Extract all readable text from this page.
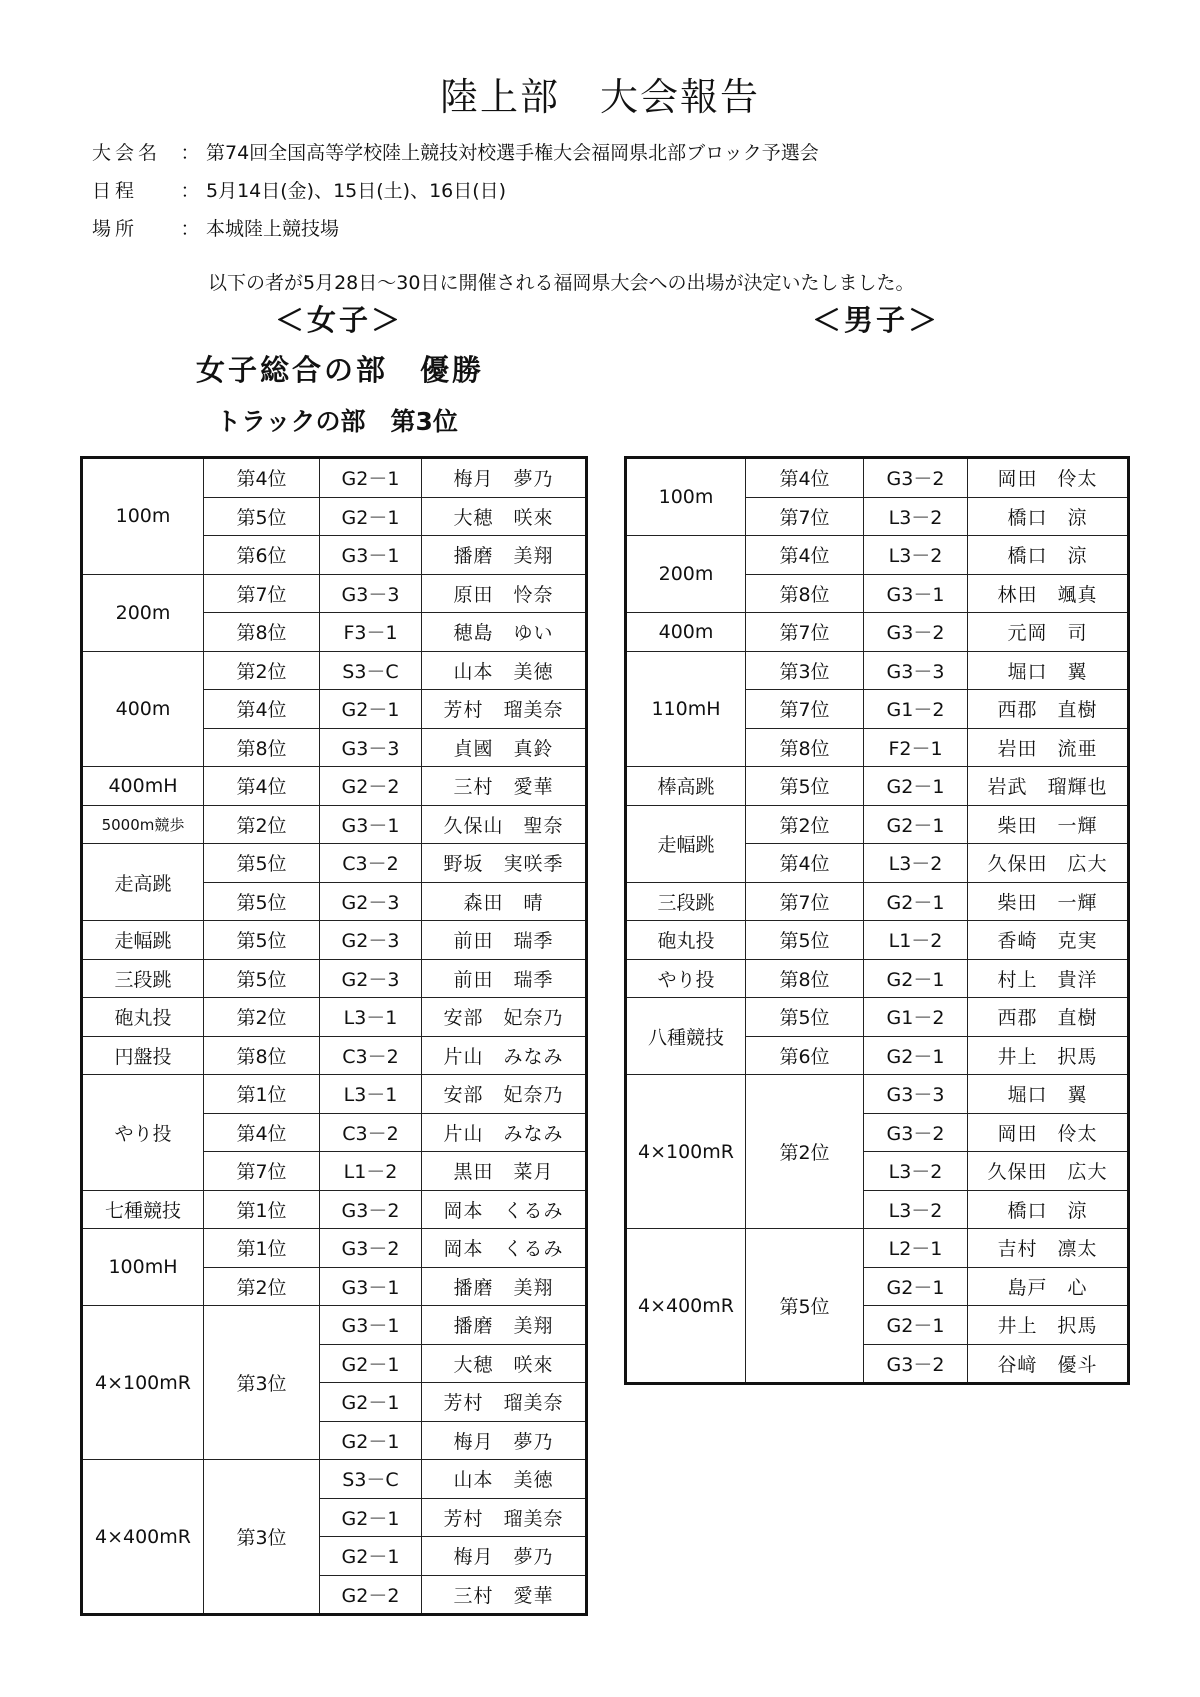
陸上部　大会報告
大会名 ： 第74回全国高等学校陸上競技対校選手権大会福岡県北部ブロック予選会
日程 ： 5月14日(金)、15日(土)、16日(日)
場所 ： 本城陸上競技場
以下の者が5月28日～30日に開催される福岡県大会への出場が決定いたしました。
＜女子＞	＜男子＞
女子総合の部　優勝
トラックの部　第3位
100m	第4位	G2－1	梅月　夢乃
	第5位	G2－1	大穂　咲來
	第6位	G3－1	播磨　美翔
200m	第7位	G3－3	原田　怜奈
	第8位	F3－1	穂島　ゆい
400m	第2位	S3－C	山本　美徳
	第4位	G2－1	芳村　瑠美奈
	第8位	G3－3	貞國　真鈴
400mH	第4位	G2－2	三村　愛華
5000m競歩	第2位	G3－1	久保山　聖奈
走高跳	第5位	C3－2	野坂　実咲季
	第5位	G2－3	森田　晴
走幅跳	第5位	G2－3	前田　瑞季
三段跳	第5位	G2－3	前田　瑞季
砲丸投	第2位	L3－1	安部　妃奈乃
円盤投	第8位	C3－2	片山　みなみ
やり投	第1位	L3－1	安部　妃奈乃
	第4位	C3－2	片山　みなみ
	第7位	L1－2	黒田　菜月
七種競技	第1位	G3－2	岡本　くるみ
100mH	第1位	G3－2	岡本　くるみ
	第2位	G3－1	播磨　美翔
4×100mR	第3位	G3－1	播磨　美翔
		G2－1	大穂　咲來
		G2－1	芳村　瑠美奈
		G2－1	梅月　夢乃
4×400mR	第3位	S3－C	山本　美徳
		G2－1	芳村　瑠美奈
		G2－1	梅月　夢乃
		G2－2	三村　愛華
100m	第4位	G3－2	岡田　伶太
	第7位	L3－2	橋口　涼
200m	第4位	L3－2	橋口　涼
	第8位	G3－1	林田　颯真
400m	第7位	G3－2	元岡　司
110mH	第3位	G3－3	堀口　翼
	第7位	G1－2	西郡　直樹
	第8位	F2－1	岩田　流亜
棒高跳	第5位	G2－1	岩武　瑠輝也
走幅跳	第2位	G2－1	柴田　一輝
	第4位	L3－2	久保田　広大
三段跳	第7位	G2－1	柴田　一輝
砲丸投	第5位	L1－2	香崎　克実
やり投	第8位	G2－1	村上　貴洋
八種競技	第5位	G1－2	西郡　直樹
	第6位	G2－1	井上　択馬
4×100mR	第2位	G3－3	堀口　翼
		G3－2	岡田　伶太
		L3－2	久保田　広大
		L3－2	橋口　涼
4×400mR	第5位	L2－1	吉村　凛太
		G2－1	島戸　心
		G2－1	井上　択馬
		G3－2	谷﨑　優斗
